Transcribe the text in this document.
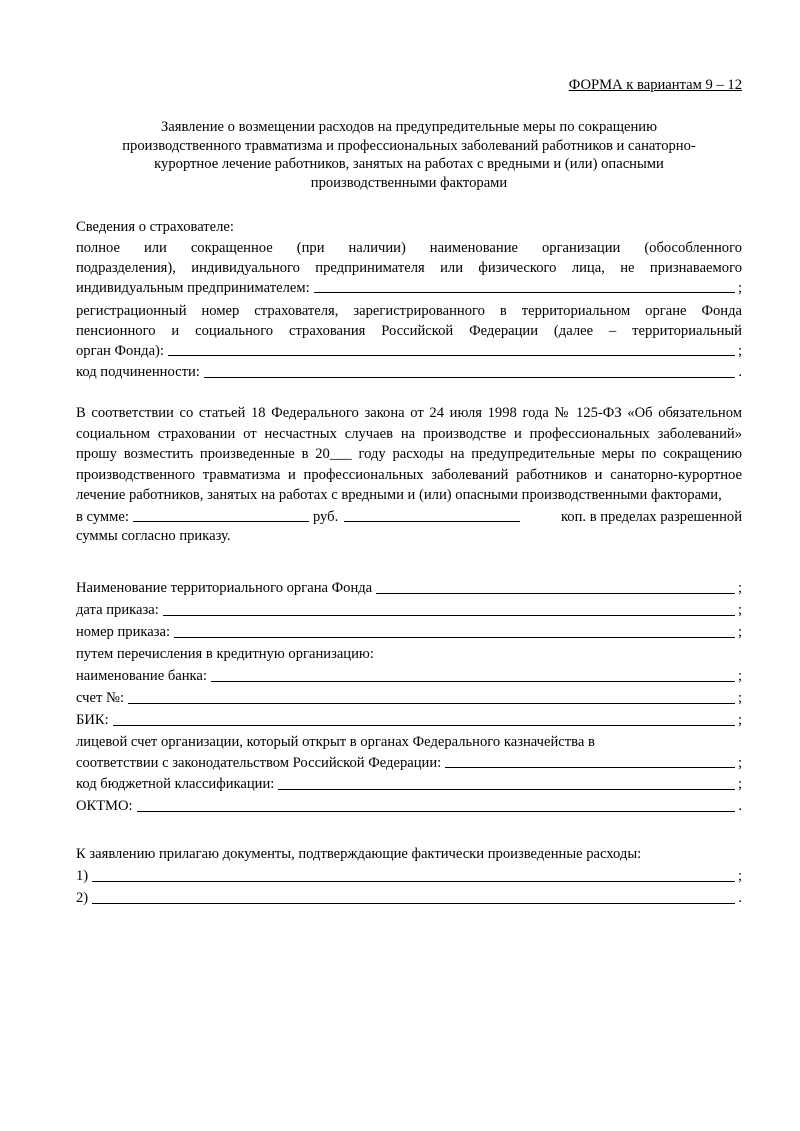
ФОРМА к вариантам 9 – 12
Заявление о возмещении расходов на предупредительные меры по сокращению
производственного травматизма и профессиональных заболеваний работников и санаторно-
курортное лечение работников, занятых на работах с вредными и (или) опасными
производственными факторами
Сведения о страхователе:
полное или сокращенное (при наличии) наименование организации (обособленного
подразделения), индивидуального предпринимателя или физического лица, не признаваемого
индивидуальным предпринимателем:	;
регистрационный номер страхователя, зарегистрированного в территориальном органе Фонда
пенсионного и социального страхования Российской Федерации (далее – территориальный
орган Фонда):	;
код подчиненности:	.
В соответствии со статьей 18 Федерального закона от 24 июля 1998 года № 125-ФЗ «Об обязательном социальном страховании от несчастных случаев на производстве и профессиональных заболеваний» прошу возместить произведенные в 20___ году расходы на предупредительные меры по сокращению производственного травматизма и профессиональных заболеваний работников и санаторно-курортное лечение работников, занятых на работах с вредными и (или) опасными производственными факторами,
в сумме:	руб.	коп. в пределах разрешенной
суммы согласно приказу.
Наименование территориального органа Фонда	;
дата приказа:	;
номер приказа:	;
путем перечисления в кредитную организацию:
наименование банка:	;
счет №:	;
БИК:	;
лицевой счет организации, который открыт в органах Федерального казначейства в
соответствии с законодательством Российской Федерации:	;
код бюджетной классификации:	;
ОКТМО:	.
К заявлению прилагаю документы, подтверждающие фактически произведенные расходы:
1)	;
2)	.
